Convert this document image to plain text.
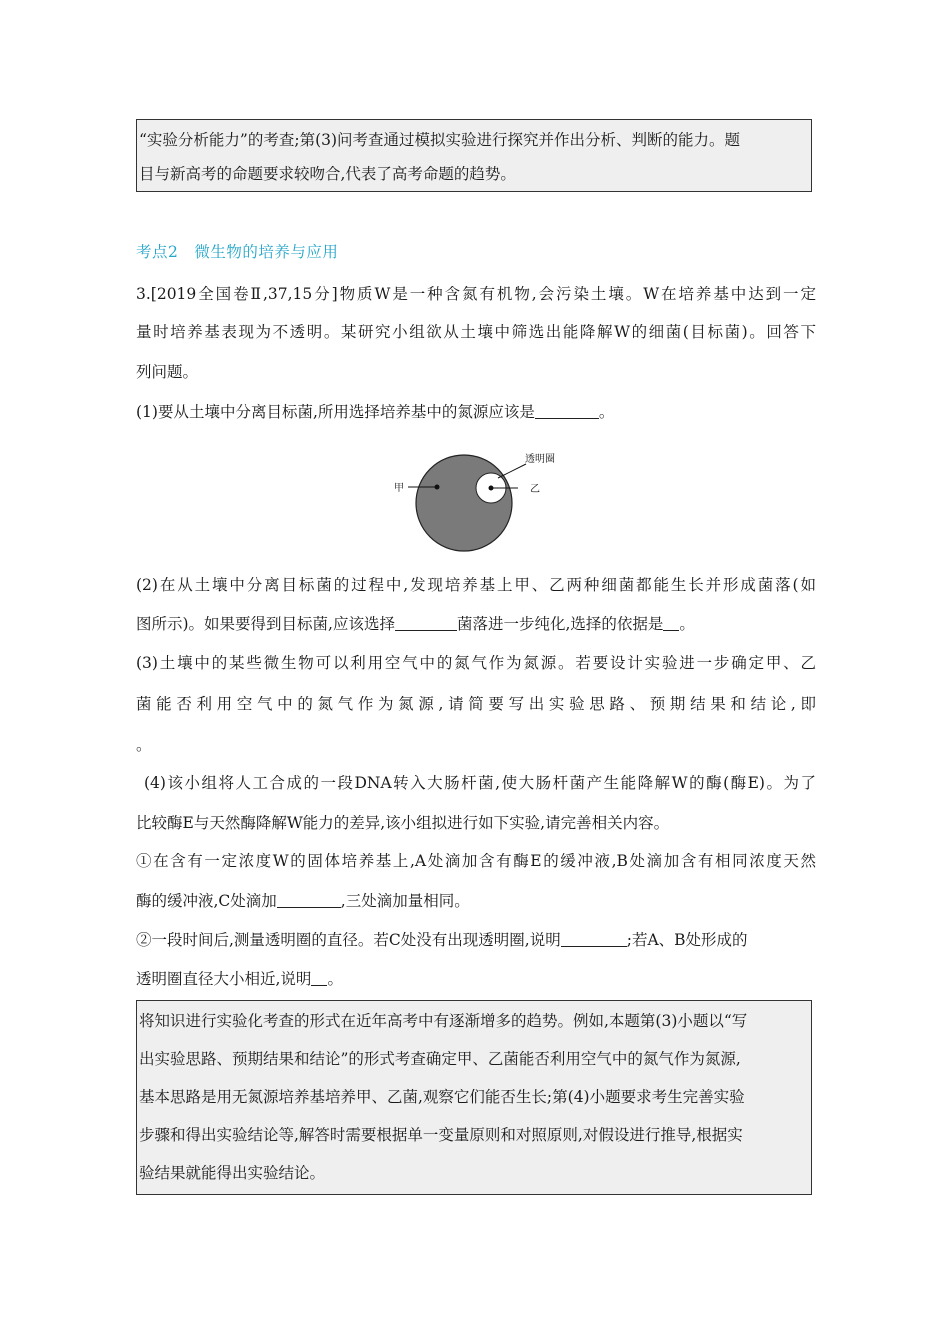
“实验分析能力”的考查;第(3)问考查通过模拟实验进行探究并作出分析、判断的能力。题

目与新高考的命题要求较吻合,代表了高考命题的趋势。

考点2　微生物的培养与应用

3.[2019全国卷Ⅱ,37,15分]物质W是一种含氮有机物,会污染土壤。W在培养基中达到一定

量时培养基表现为不透明。某研究小组欲从土壤中筛选出能降解W的细菌(目标菌)。回答下

列问题。

(1)要从土壤中分离目标菌,所用选择培养基中的氮源应该是	。

透明圈
甲	乙

(2)在从土壤中分离目标菌的过程中,发现培养基上甲、乙两种细菌都能生长并形成菌落(如

图所示)。如果要得到目标菌,应该选择	菌落进一步纯化,选择的依据是 。

(3)土壤中的某些微生物可以利用空气中的氮气作为氮源。若要设计实验进一步确定甲、乙

菌能否利用空气中的氮气作为氮源,请简要写出实验思路、预期结果和结论,即

。

(4)该小组将人工合成的一段DNA转入大肠杆菌,使大肠杆菌产生能降解W的酶(酶E)。为了

比较酶E与天然酶降解W能力的差异,该小组拟进行如下实验,请完善相关内容。

①在含有一定浓度W的固体培养基上,A处滴加含有酶E的缓冲液,B处滴加含有相同浓度天然

酶的缓冲液,C处滴加	,三处滴加量相同。

②一段时间后,测量透明圈的直径。若C处没有出现透明圈,说明	;若A、B处形成的

透明圈直径大小相近,说明 。

将知识进行实验化考查的形式在近年高考中有逐渐增多的趋势。例如,本题第(3)小题以“写

出实验思路、预期结果和结论”的形式考查确定甲、乙菌能否利用空气中的氮气作为氮源,

基本思路是用无氮源培养基培养甲、乙菌,观察它们能否生长;第(4)小题要求考生完善实验

步骤和得出实验结论等,解答时需要根据单一变量原则和对照原则,对假设进行推导,根据实

验结果就能得出实验结论。
